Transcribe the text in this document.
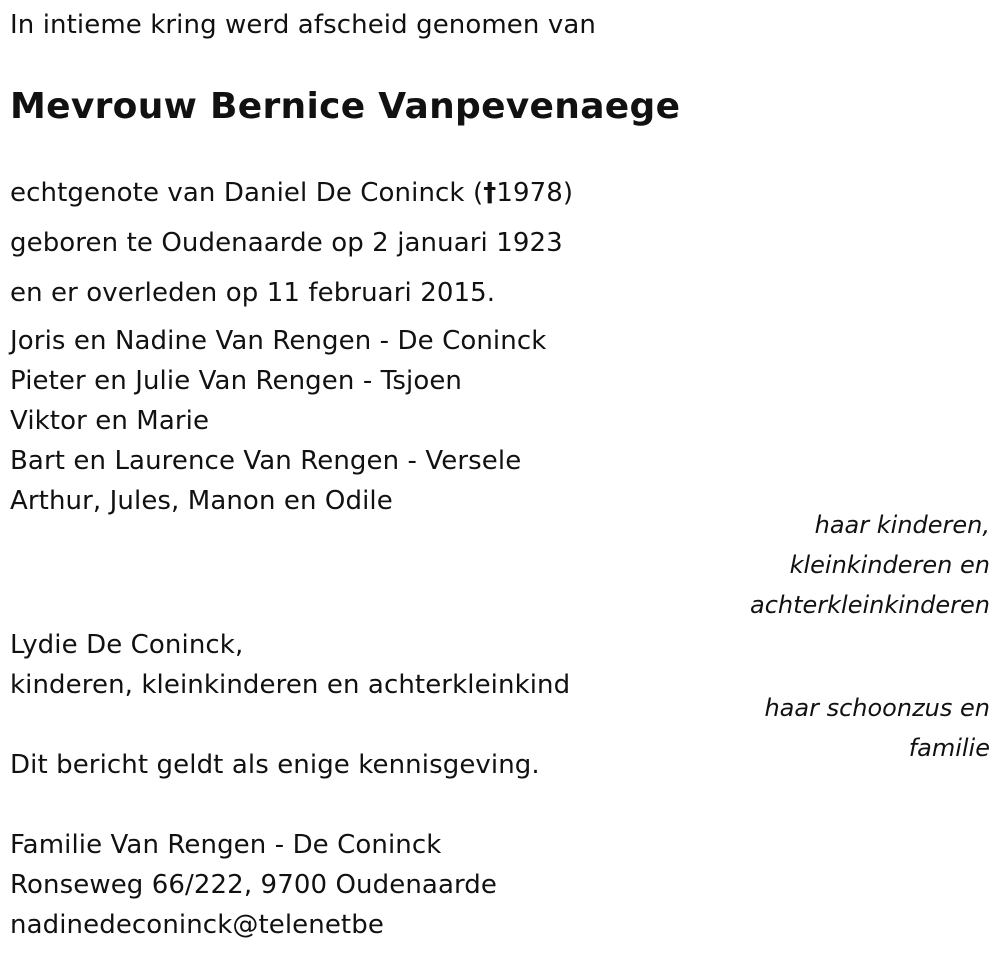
In intieme kring werd afscheid genomen van
Mevrouw Bernice Vanpevenaege
echtgenote van Daniel De Coninck (†1978)
geboren te Oudenaarde op 2 januari 1923
en er overleden op 11 februari 2015.
Joris en Nadine Van Rengen - De Coninck
Pieter en Julie Van Rengen - Tsjoen
Viktor en Marie
Bart en Laurence Van Rengen - Versele
Arthur, Jules, Manon en Odile
haar kinderen,
kleinkinderen en
achterkleinkinderen
Lydie De Coninck,
kinderen, kleinkinderen en achterkleinkind
haar schoonzus en
familie
Dit bericht geldt als enige kennisgeving.
Familie Van Rengen - De Coninck
Ronseweg 66/222, 9700 Oudenaarde
nadinedeconinck@telenetbe
